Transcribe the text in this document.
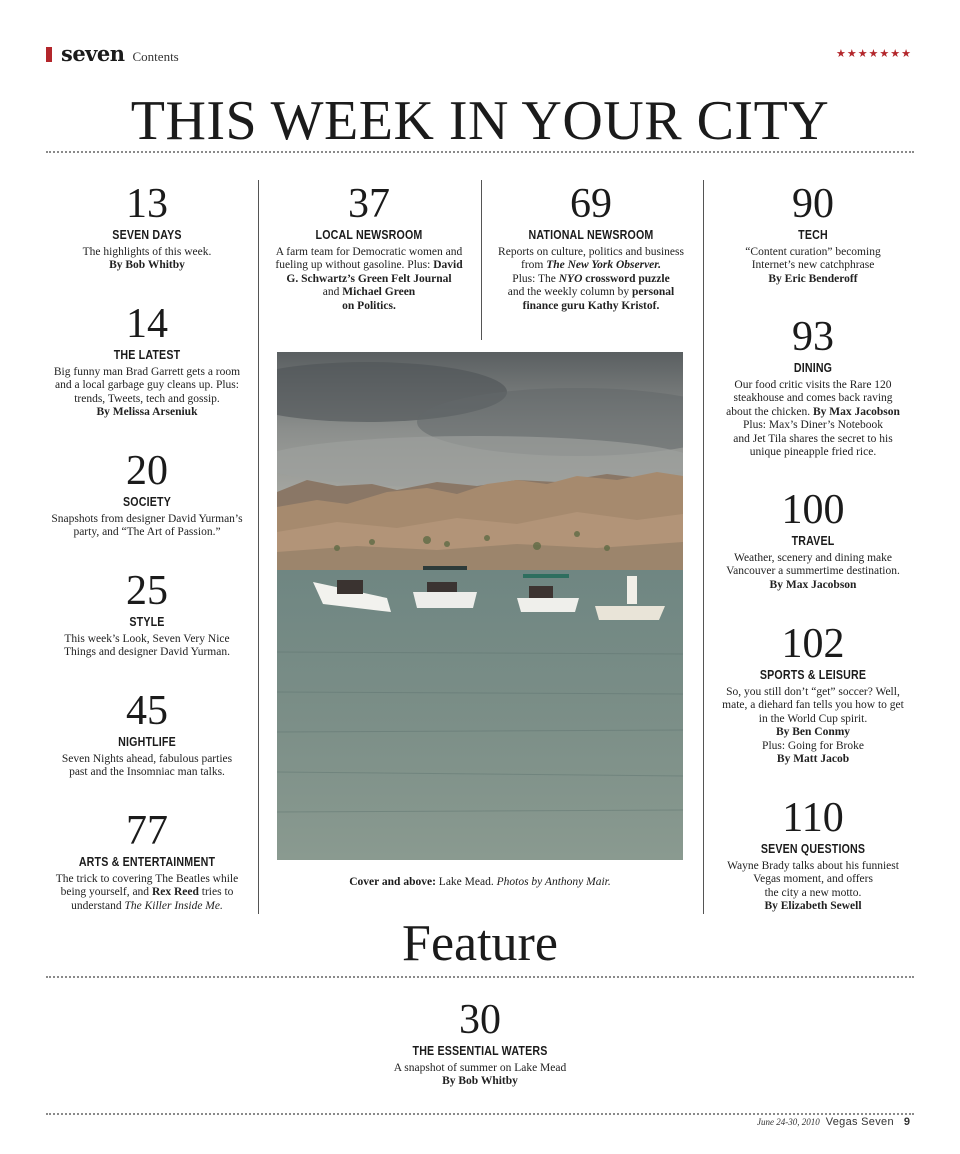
seven Contents	★★★★★★★
THIS WEEK IN YOUR CITY
13
SEVEN DAYS
The highlights of this week.
By Bob Whitby
14
THE LATEST
Big funny man Brad Garrett gets a room
and a local garbage guy cleans up. Plus:
trends, Tweets, tech and gossip.
By Melissa Arseniuk
20
SOCIETY
Snapshots from designer David Yurman’s
party, and “The Art of Passion.”
25
STYLE
This week’s Look, Seven Very Nice
Things and designer David Yurman.
45
NIGHTLIFE
Seven Nights ahead, fabulous parties
past and the Insomniac man talks.
77
ARTS & ENTERTAINMENT
The trick to covering The Beatles while
being yourself, and Rex Reed tries to
understand The Killer Inside Me.
37
LOCAL NEWSROOM
A farm team for Democratic women and
fueling up without gasoline. Plus: David
G. Schwartz’s Green Felt Journal
and Michael Green
on Politics.
69
NATIONAL NEWSROOM
Reports on culture, politics and business
from The New York Observer.
Plus: The NYO crossword puzzle
and the weekly column by personal
finance guru Kathy Kristof.
90
TECH
“Content curation” becoming
Internet’s new catchphrase
By Eric Benderoff
93
DINING
Our food critic visits the Rare 120
steakhouse and comes back raving
about the chicken. By Max Jacobson
Plus: Max’s Diner’s Notebook
and Jet Tila shares the secret to his
unique pineapple fried rice.
100
TRAVEL
Weather, scenery and dining make
Vancouver a summertime destination.
By Max Jacobson
102
SPORTS & LEISURE
So, you still don’t “get” soccer? Well,
mate, a diehard fan tells you how to get
in the World Cup spirit.
By Ben Conmy
Plus: Going for Broke
By Matt Jacob
110
SEVEN QUESTIONS
Wayne Brady talks about his funniest
Vegas moment, and offers
the city a new motto.
By Elizabeth Sewell
Cover and above: Lake Mead. Photos by Anthony Mair.
Feature
30
THE ESSENTIAL WATERS
A snapshot of summer on Lake Mead
By Bob Whitby
June 24-30, 2010 Vegas Seven 9
